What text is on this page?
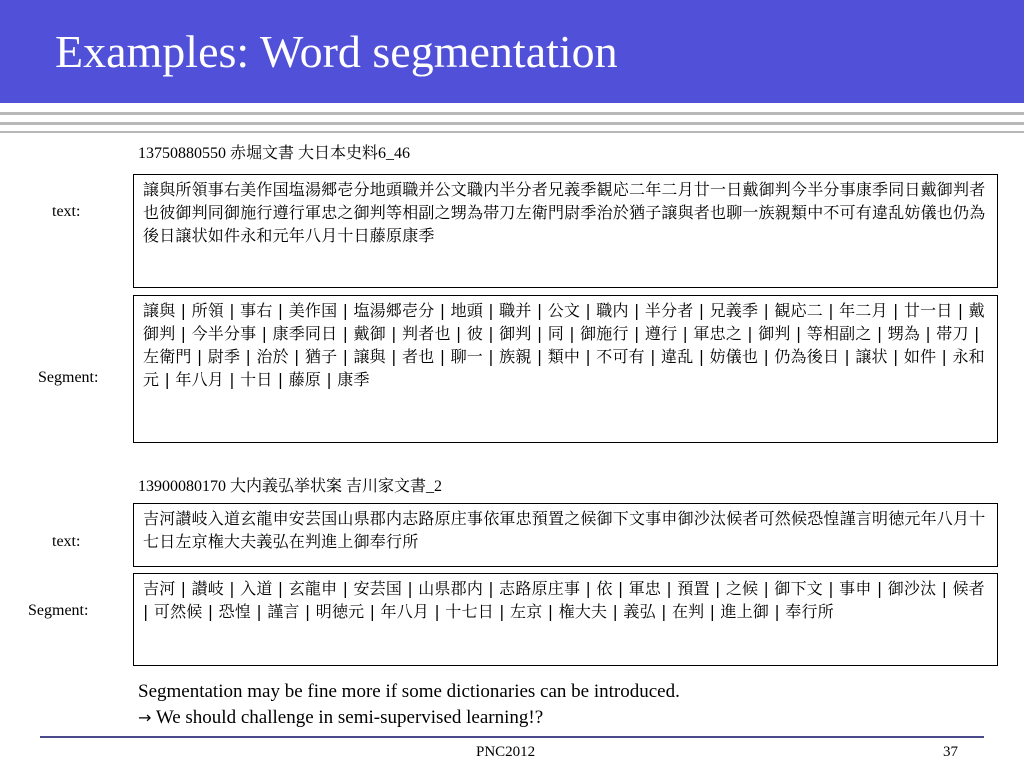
Examples: Word segmentation
13750880550 赤堀文書 大日本史料6_46
text:
譲與所領事右美作国塩湯郷壱分地頭職并公文職内半分者兄義季観応二年二月廿一日戴御判今半分事康季同日戴御判者也彼御判同御施行遵行軍忠之御判等相副之甥為帯刀左衛門尉季治於猶子譲與者也聊一族親類中不可有違乱妨儀也仍為後日譲状如件永和元年八月十日藤原康季
Segment:
譲與 | 所領 | 事右 | 美作国 | 塩湯郷壱分 | 地頭 | 職并 | 公文 | 職内 | 半分者 | 兄義季 | 観応二 | 年二月 | 廿一日 | 戴御判 | 今半分事 | 康季同日 | 戴御 | 判者也 | 彼 | 御判 | 同 | 御施行 | 遵行 | 軍忠之 | 御判 | 等相副之 | 甥為 | 帯刀 | 左衛門 | 尉季 | 治於 | 猶子 | 譲與 | 者也 | 聊一 | 族親 | 類中 | 不可有 | 違乱 | 妨儀也 | 仍為後日 | 譲状 | 如件 | 永和元 | 年八月 | 十日 | 藤原 | 康季
13900080170 大内義弘挙状案 吉川家文書_2
text:
吉河讃岐入道玄龍申安芸国山県郡内志路原庄事依軍忠預置之候御下文事申御沙汰候者可然候恐惶謹言明徳元年八月十七日左京権大夫義弘在判進上御奉行所
Segment:
吉河 | 讃岐 | 入道 | 玄龍申 | 安芸国 | 山県郡内 | 志路原庄事 | 依 | 軍忠 | 預置 | 之候 | 御下文 | 事申 | 御沙汰 | 候者 | 可然候 | 恐惶 | 謹言 | 明徳元 | 年八月 | 十七日 | 左京 | 権大夫 | 義弘 | 在判 | 進上御 | 奉行所
Segmentation may be fine more if some dictionaries can be introduced.
→ We should challenge in semi-supervised learning!?
PNC2012	37
